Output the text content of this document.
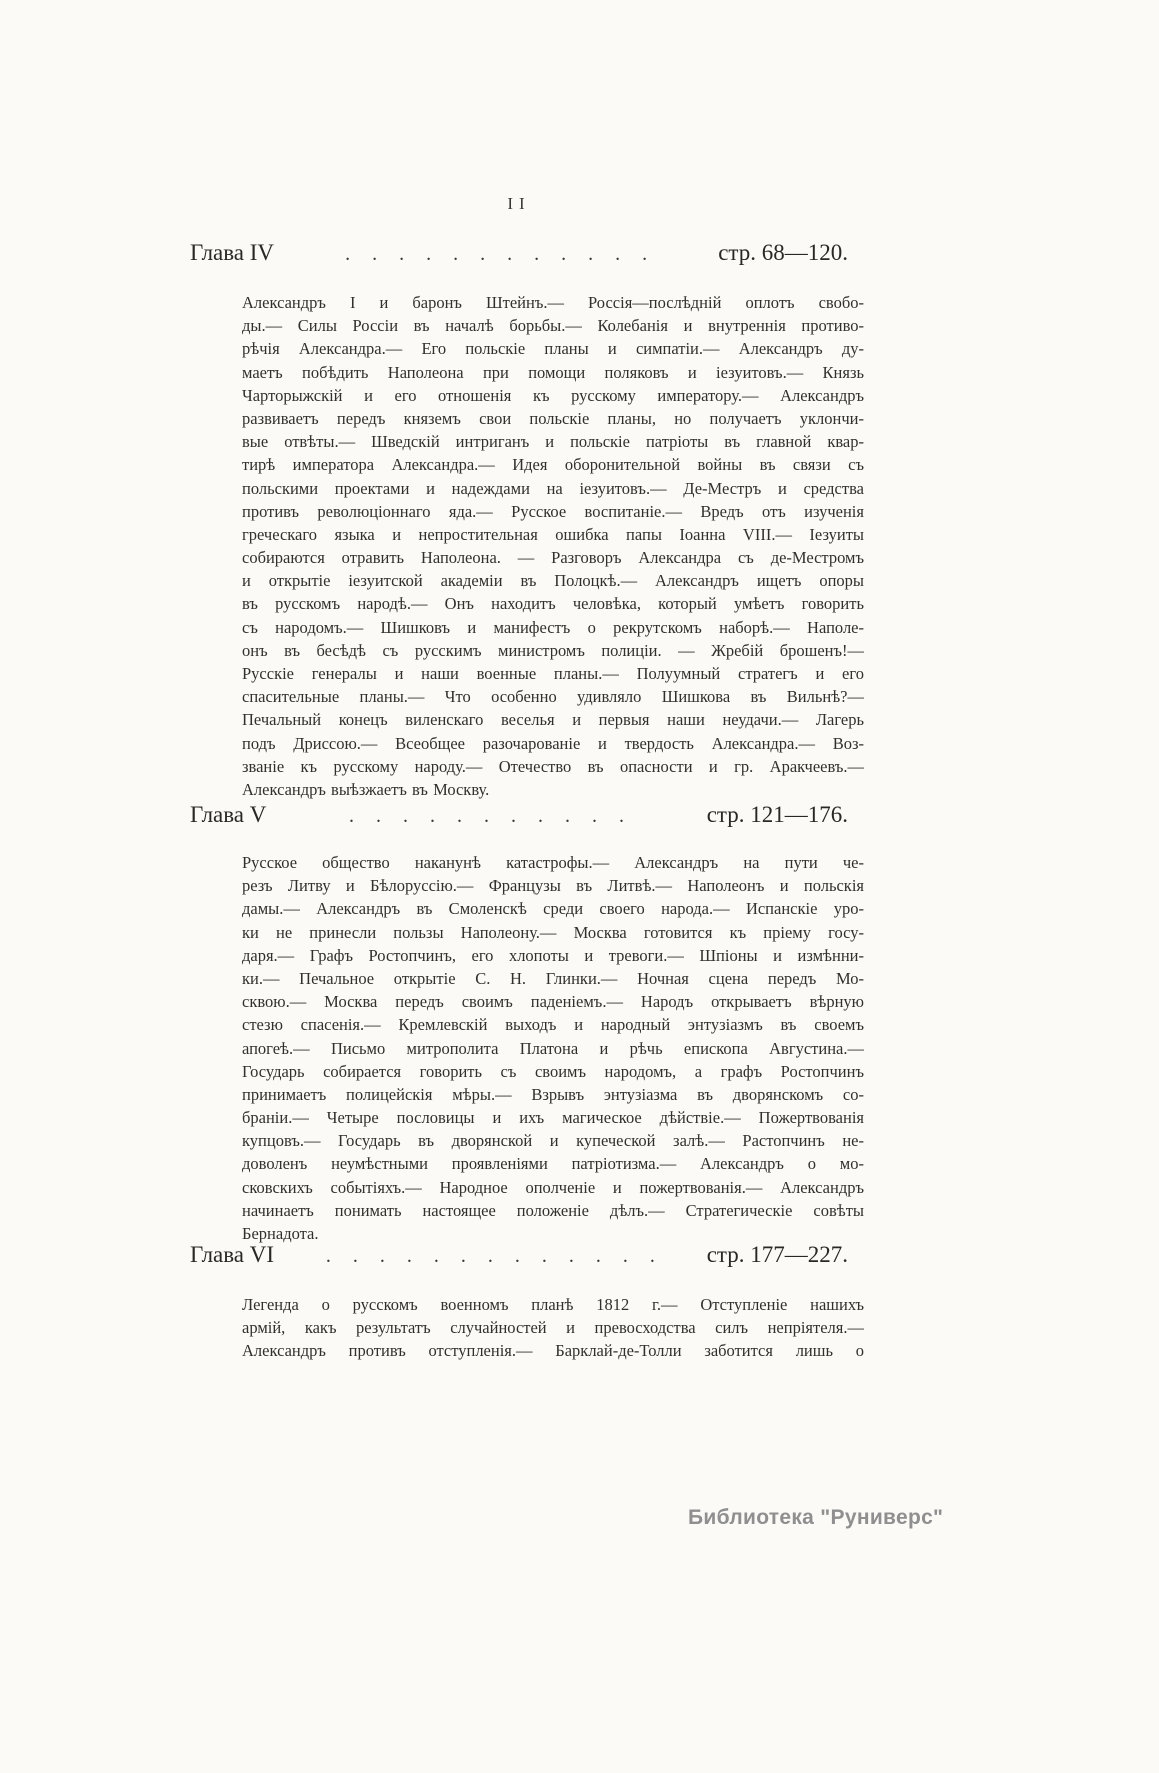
II
Глава IV	. . . . . . . . . . . .	стр. 68—120.
Александръ I и баронъ Штейнъ.— Россія—послѣдній оплотъ свобо-
ды.— Силы Россіи въ началѣ борьбы.— Колебанія и внутреннія противо-
рѣчія Александра.— Его польскіе планы и симпатіи.— Александръ ду-
маетъ побѣдить Наполеона при помощи поляковъ и іезуитовъ.— Князь
Чарторыжскій и его отношенія къ русскому императору.— Александръ
развиваетъ передъ княземъ свои польскіе планы, но получаетъ уклончи-
вые отвѣты.— Шведскій интриганъ и польскіе патріоты въ главной квар-
тирѣ императора Александра.— Идея оборонительной войны въ связи съ
польскими проектами и надеждами на іезуитовъ.— Де-Местръ и средства
противъ революціоннаго яда.— Русское воспитаніе.— Вредъ отъ изученія
греческаго языка и непростительная ошибка папы Іоанна VIII.— Іезуиты
собираются отравить Наполеона. — Разговоръ Александра съ де-Местромъ
и открытіе іезуитской академіи въ Полоцкѣ.— Александръ ищетъ опоры
въ русскомъ народѣ.— Онъ находитъ человѣка, который умѣетъ говорить
съ народомъ.— Шишковъ и манифестъ о рекрутскомъ наборѣ.— Наполе-
онъ въ бесѣдѣ съ русскимъ министромъ полиціи. — Жребій брошенъ!—
Русскіе генералы и наши военные планы.— Полуумный стратегъ и его
спасительные планы.— Что особенно удивляло Шишкова въ Вильнѣ?—
Печальный конецъ виленскаго веселья и первыя наши неудачи.— Лагерь
подъ Дриссою.— Всеобщее разочарованіе и твердость Александра.— Воз-
званіе къ русскому народу.— Отечество въ опасности и гр. Аракчеевъ.—
Александръ выѣзжаетъ въ Москву.
Глава V	. . . . . . . . . . .	стр. 121—176.
Русское общество наканунѣ катастрофы.— Александръ на пути че-
резъ Литву и Бѣлоруссію.— Французы въ Литвѣ.— Наполеонъ и польскія
дамы.— Александръ въ Смоленскѣ среди своего народа.— Испанскіе уро-
ки не принесли пользы Наполеону.— Москва готовится къ пріему госу-
даря.— Графъ Ростопчинъ, его хлопоты и тревоги.— Шпіоны и измѣнни-
ки.— Печальное открытіе С. Н. Глинки.— Ночная сцена передъ Мо-
сквою.— Москва передъ своимъ паденіемъ.— Народъ открываетъ вѣрную
стезю спасенія.— Кремлевскій выходъ и народный энтузіазмъ въ своемъ
апогеѣ.— Письмо митрополита Платона и рѣчь епископа Августина.—
Государь собирается говорить съ своимъ народомъ, а графъ Ростопчинъ
принимаетъ полицейскія мѣры.— Взрывъ энтузіазма въ дворянскомъ со-
браніи.— Четыре пословицы и ихъ магическое дѣйствіе.— Пожертвованія
купцовъ.— Государь въ дворянской и купеческой залѣ.— Растопчинъ не-
доволенъ неумѣстными проявленіями патріотизма.— Александръ о мо-
сковскихъ событіяхъ.— Народное ополченіе и пожертвованія.— Александръ
начинаетъ понимать настоящее положеніе дѣлъ.— Стратегическіе совѣты
Бернадота.
Глава VI	. . . . . . . . . . . . .	стр. 177—227.
Легенда о русскомъ военномъ планѣ 1812 г.— Отступленіе нашихъ
армій, какъ результатъ случайностей и превосходства силъ непріятеля.—
Александръ противъ отступленія.— Барклай-де-Толли заботится лишь о
Библиотека "Руниверс"
